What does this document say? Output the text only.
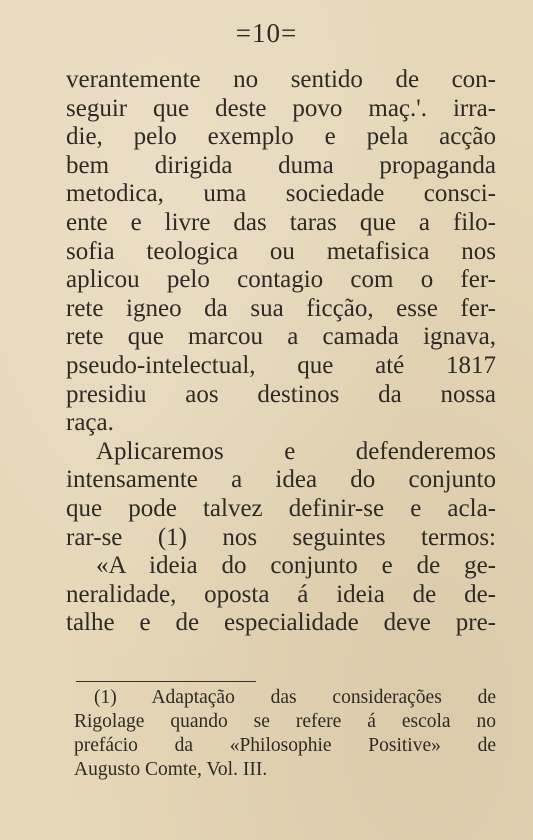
=10=
verantemente no sentido de con-
seguir que deste povo maç.'. irra-
die, pelo exemplo e pela acção
bem dirigida duma propaganda
metodica, uma sociedade consci-
ente e livre das taras que a filo-
sofia teologica ou metafisica nos
aplicou pelo contagio com o fer-
rete igneo da sua ficção, esse fer-
rete que marcou a camada ignava,
pseudo-intelectual, que até 1817
presidiu aos destinos da nossa
raça.
Aplicaremos e defenderemos
intensamente a idea do conjunto
que pode talvez definir-se e acla-
rar-se (1) nos seguintes termos:
«A ideia do conjunto e de ge-
neralidade, oposta á ideia de de-
talhe e de especialidade deve pre-
(1) Adaptação das considerações de
Rigolage quando se refere á escola no
prefácio da «Philosophie Positive» de
Augusto Comte, Vol. III.
